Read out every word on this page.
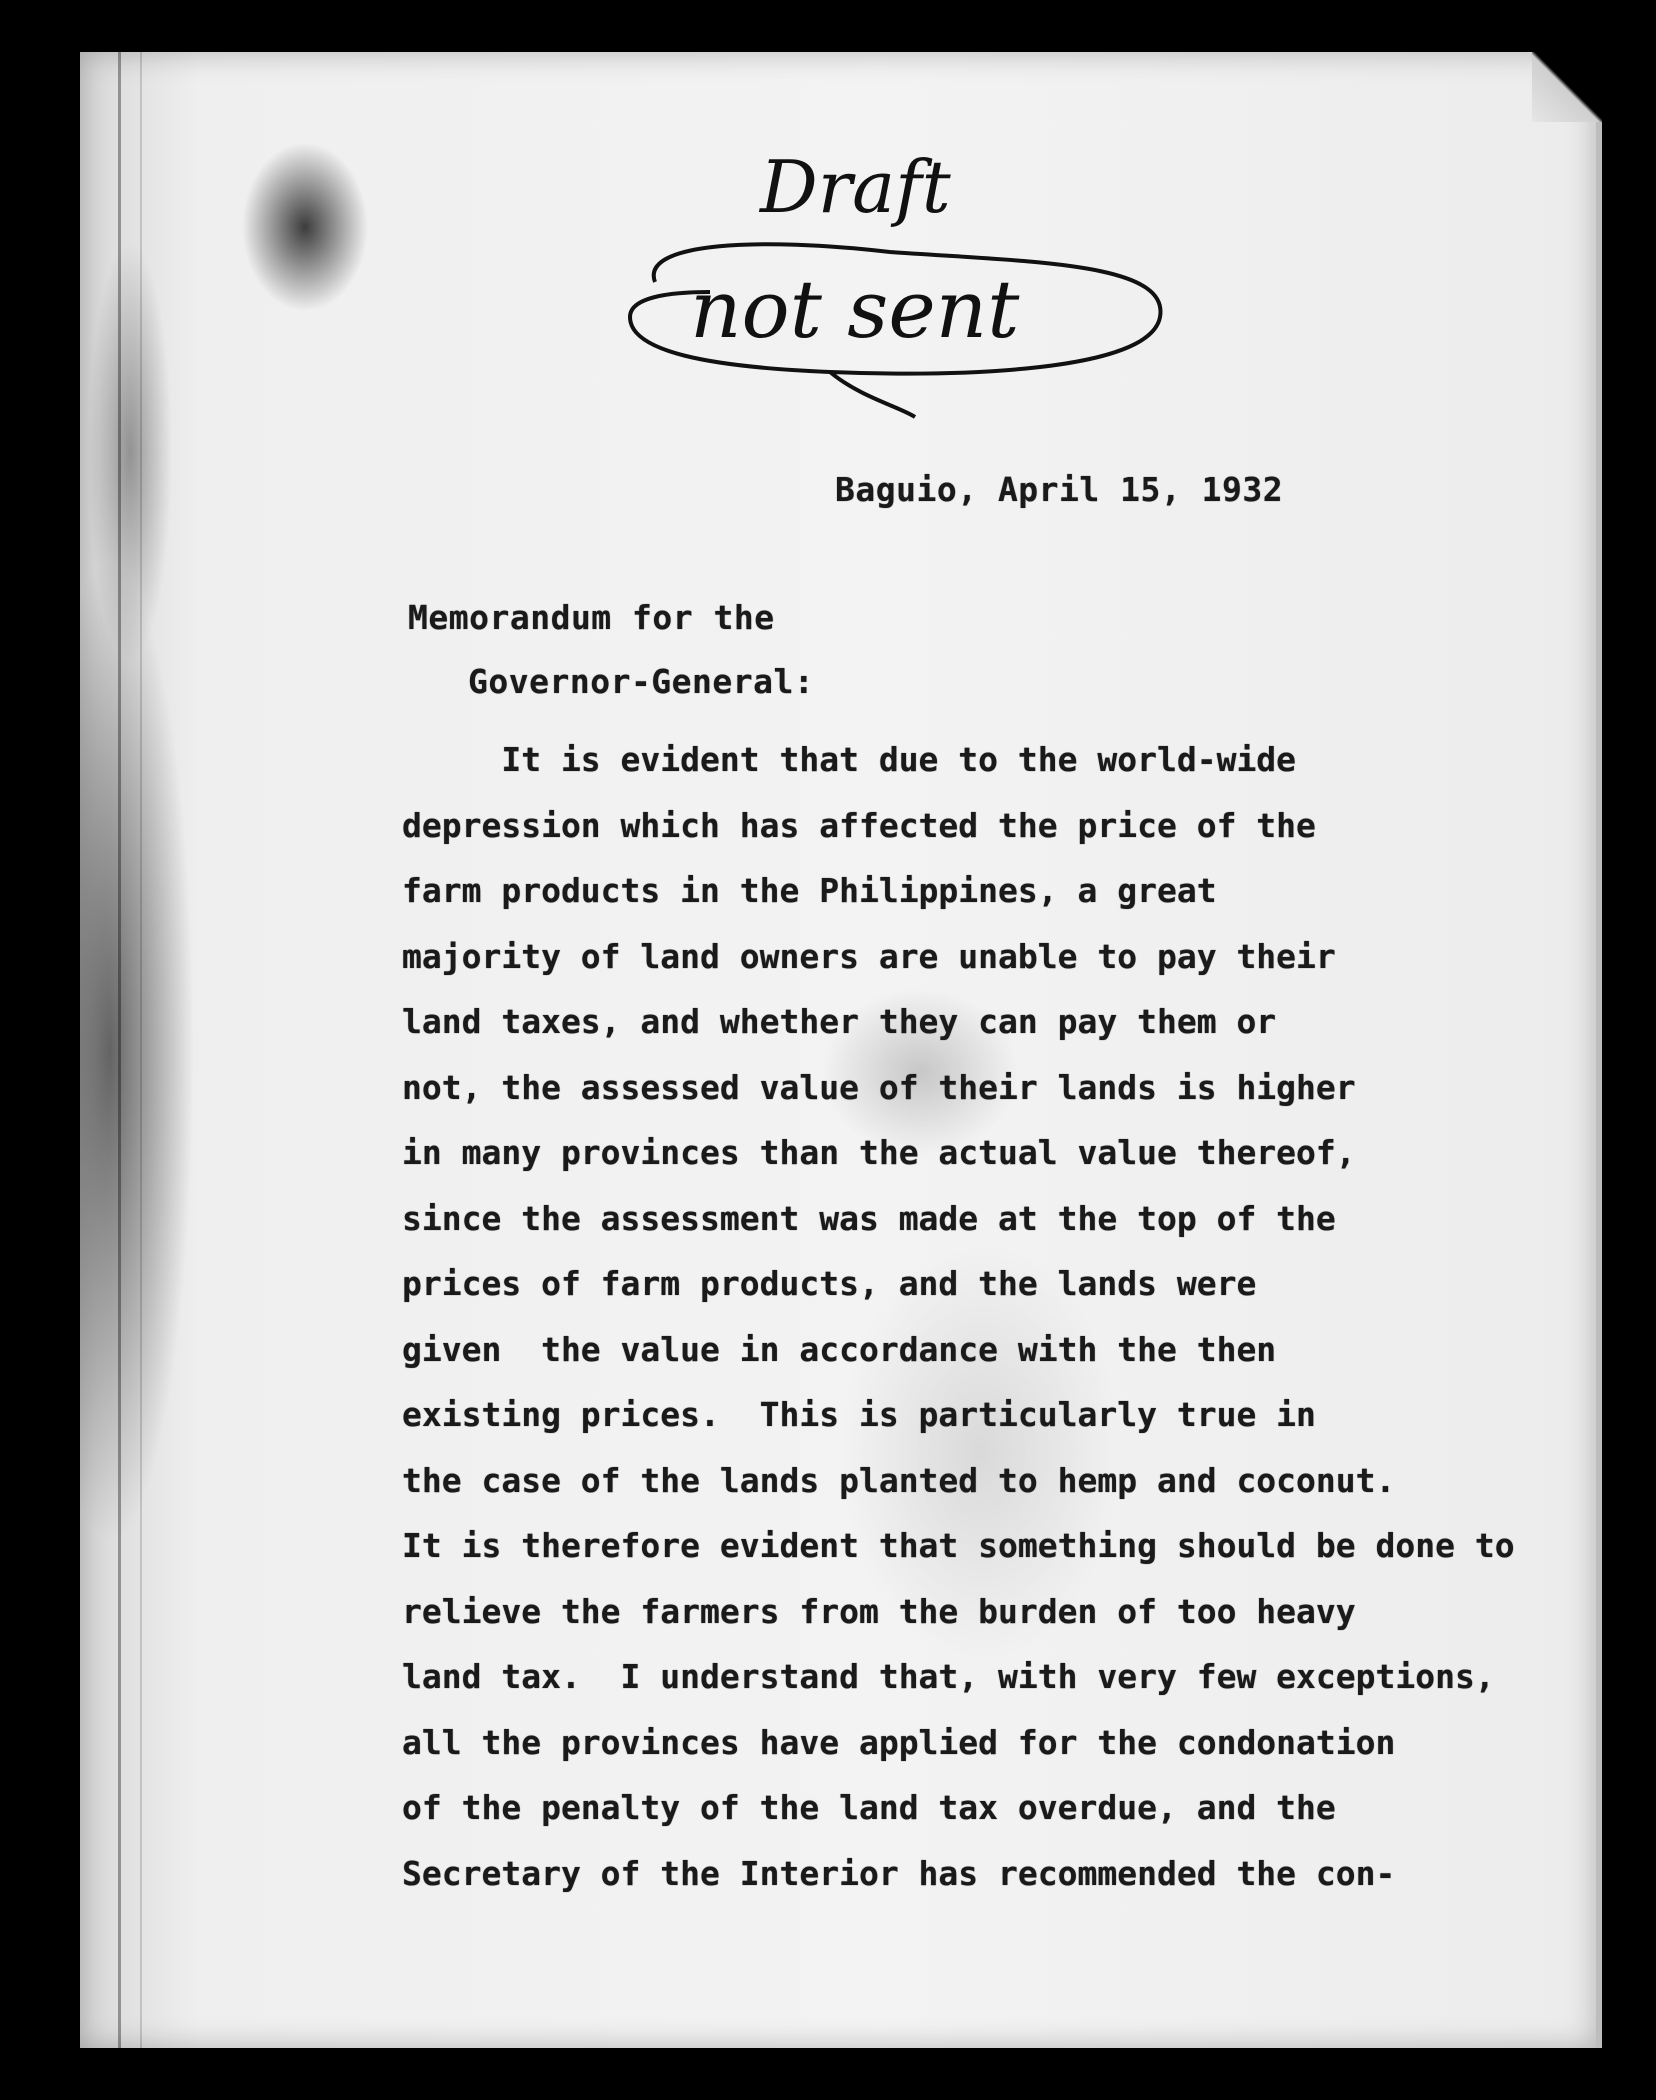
Draft
not sent
Baguio, April 15, 1932
Memorandum for the
Governor-General:
It is evident that due to the world-wide
depression which has affected the price of the
farm products in the Philippines, a great
majority of land owners are unable to pay their
land taxes, and whether they can pay them or
not, the assessed value of their lands is higher
in many provinces than the actual value thereof,
since the assessment was made at the top of the
prices of farm products, and the lands were
given  the value in accordance with the then
existing prices.  This is particularly true in
the case of the lands planted to hemp and coconut.
It is therefore evident that something should be done to
relieve the farmers from the burden of too heavy
land tax.  I understand that, with very few exceptions,
all the provinces have applied for the condonation
of the penalty of the land tax overdue, and the
Secretary of the Interior has recommended the con-
